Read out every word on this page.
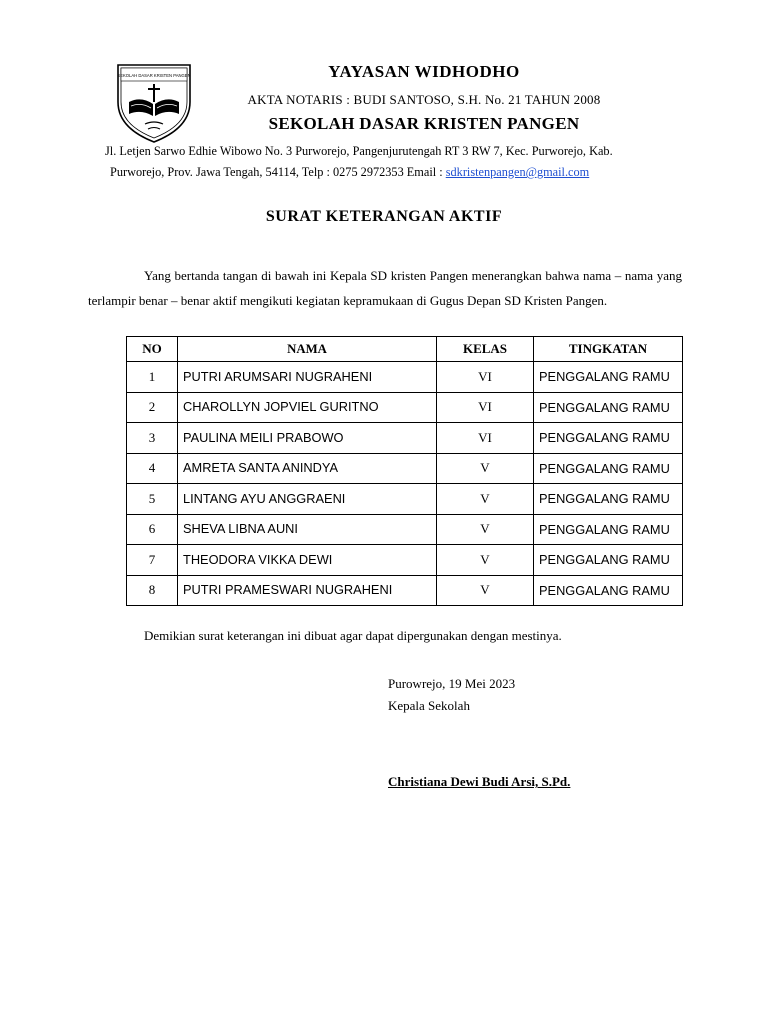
SEKOLAH DASAR KRISTEN PANGEN	YAYASAN WIDHODHO
AKTA NOTARIS : BUDI SANTOSO, S.H. No. 21 TAHUN 2008
SEKOLAH DASAR KRISTEN PANGEN
Jl. Letjen Sarwo Edhie Wibowo No. 3 Purworejo, Pangenjurutengah RT 3 RW 7, Kec. Purworejo, Kab.
Purworejo, Prov. Jawa Tengah, 54114, Telp : 0275 2972353 Email : sdkristenpangen@gmail.com
SURAT KETERANGAN AKTIF
Yang bertanda tangan di bawah ini Kepala SD kristen Pangen menerangkan bahwa nama – nama yang terlampir benar – benar aktif mengikuti kegiatan kepramukaan di Gugus Depan SD Kristen Pangen.
NO	NAMA	KELAS	TINGKATAN
1	PUTRI ARUMSARI NUGRAHENI	VI	PENGGALANG RAMU
2	CHAROLLYN JOPVIEL GURITNO	VI	PENGGALANG RAMU
3	PAULINA MEILI PRABOWO	VI	PENGGALANG RAMU
4	AMRETA SANTA ANINDYA	V	PENGGALANG RAMU
5	LINTANG AYU ANGGRAENI	V	PENGGALANG RAMU
6	SHEVA LIBNA AUNI	V	PENGGALANG RAMU
7	THEODORA VIKKA DEWI	V	PENGGALANG RAMU
8	PUTRI PRAMESWARI NUGRAHENI	V	PENGGALANG RAMU
Demikian surat keterangan ini dibuat agar dapat dipergunakan dengan mestinya.
Purowrejo, 19 Mei 2023
Kepala Sekolah
Christiana Dewi Budi Arsi, S.Pd.
